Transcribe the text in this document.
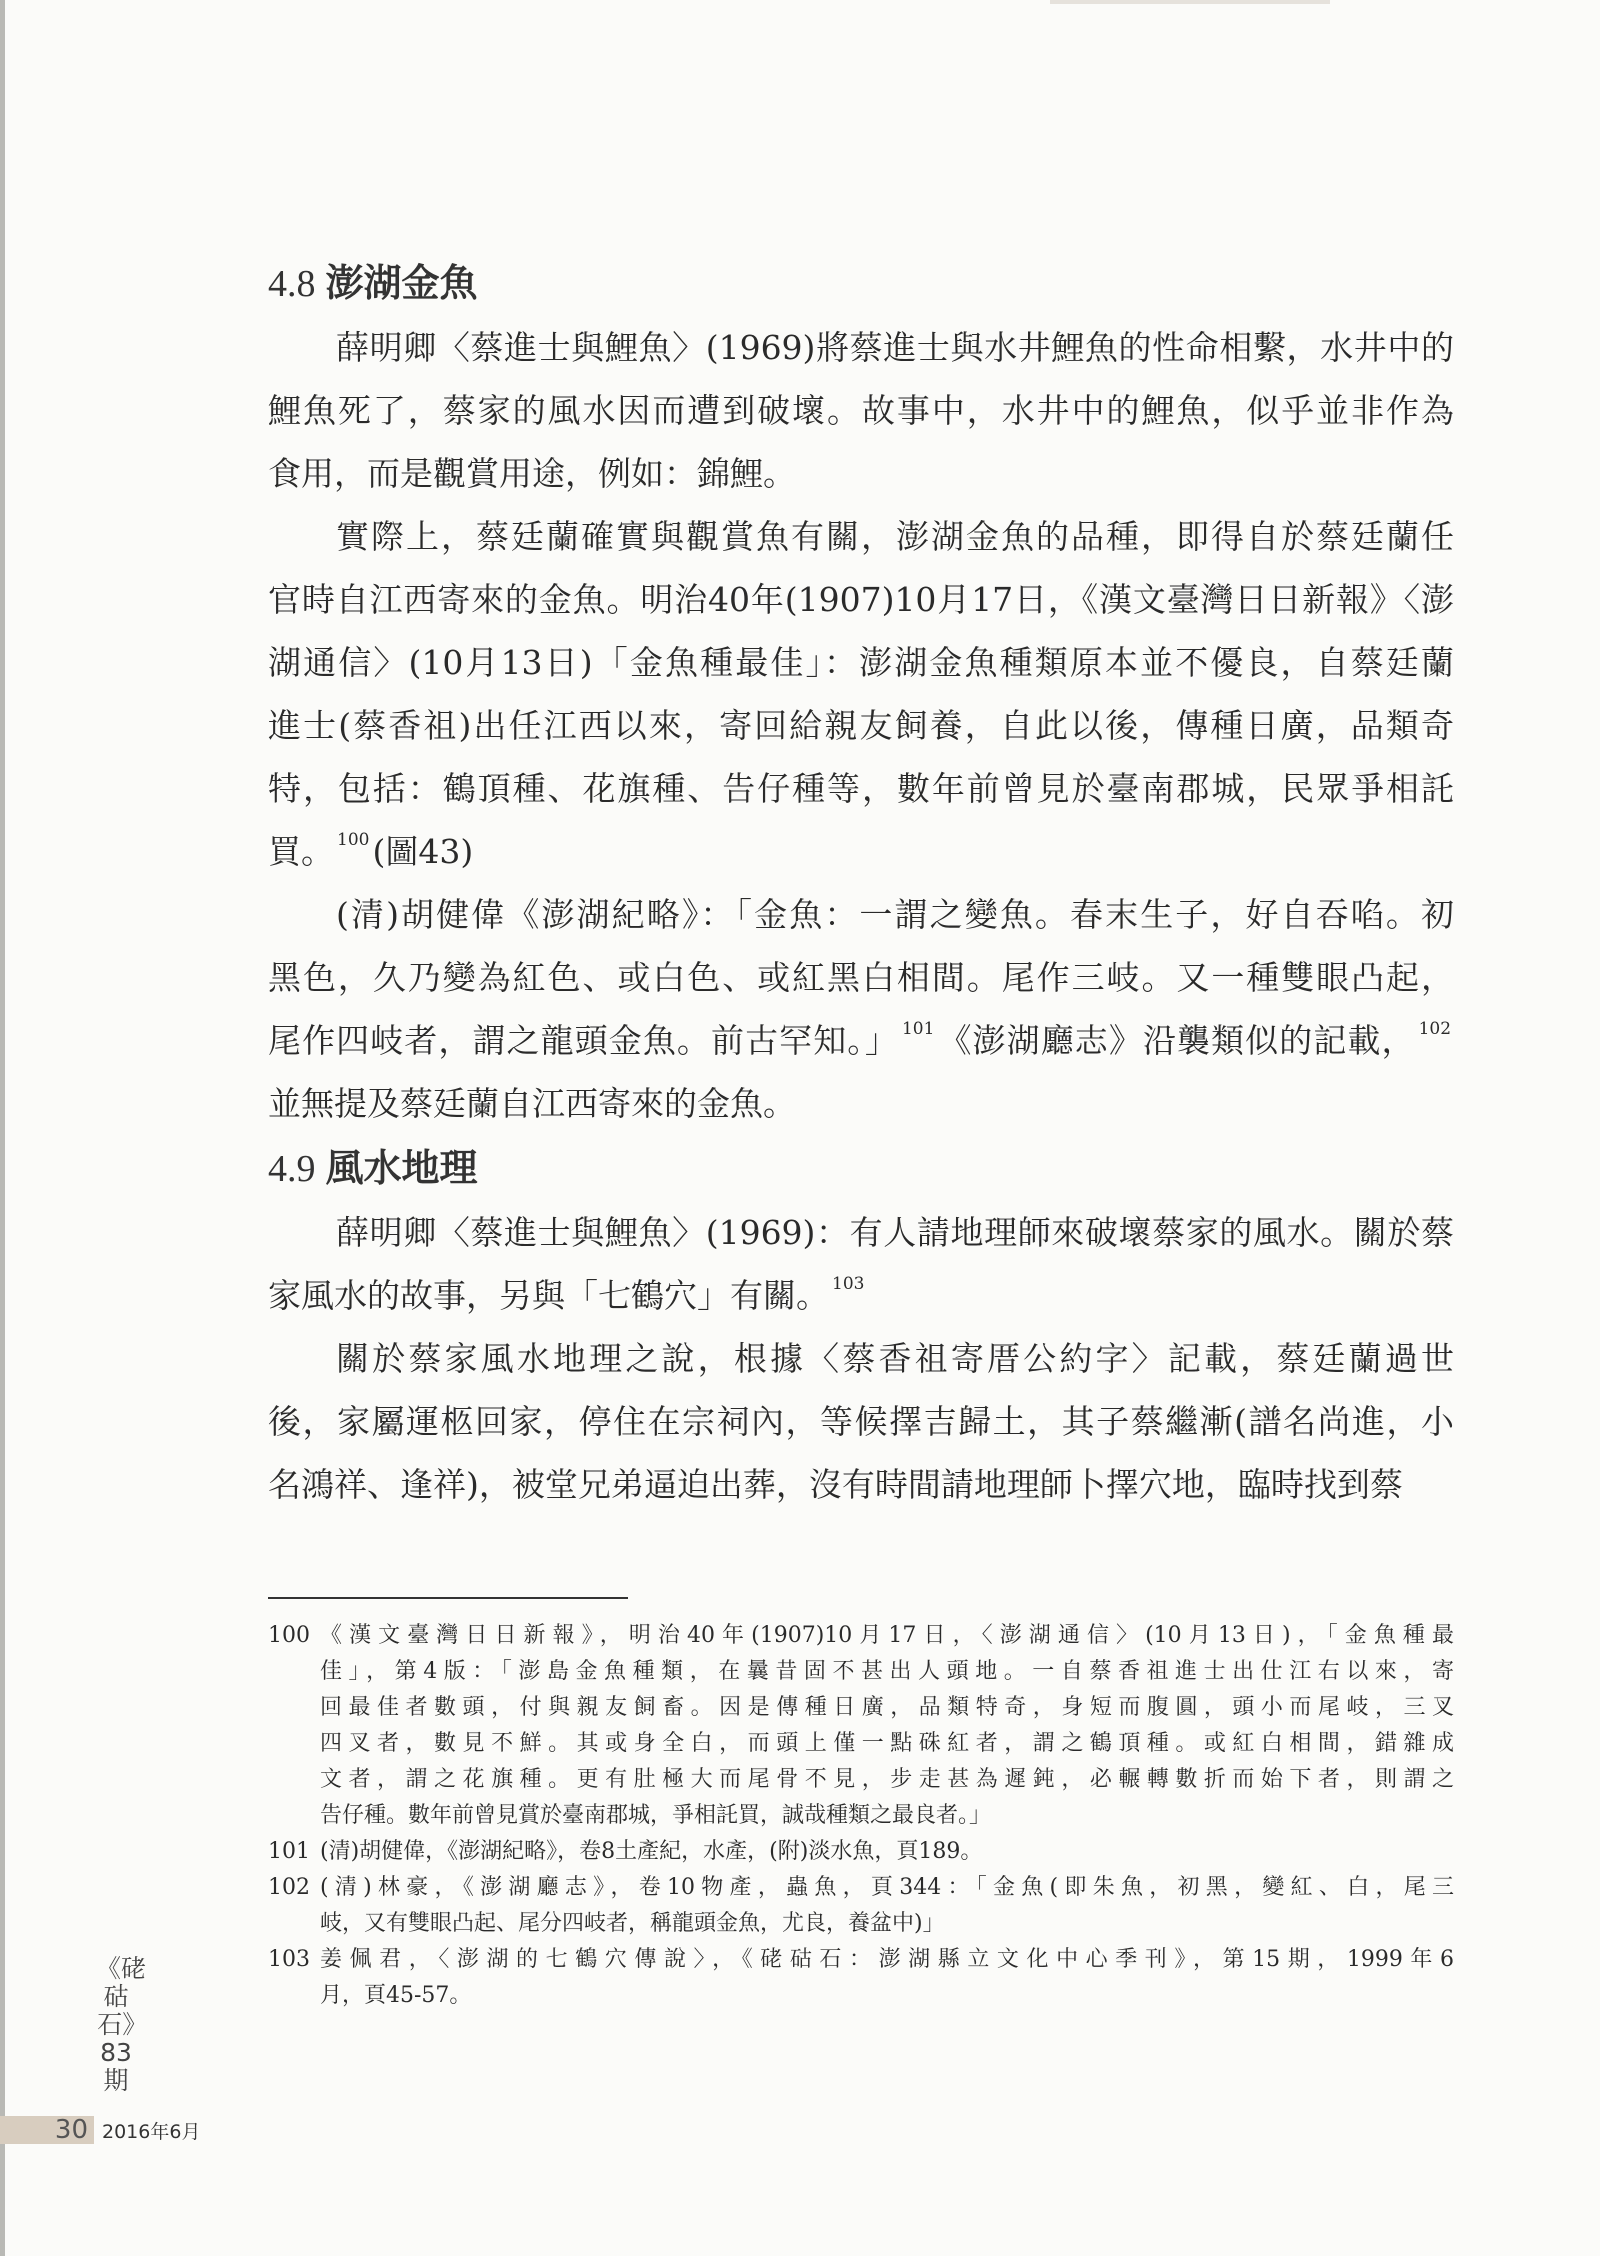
4.8 澎湖金魚
薛明卿〈蔡進士與鯉魚〉(1969)將蔡進士與水井鯉魚的性命相繫，水井中的
鯉魚死了，蔡家的風水因而遭到破壞。故事中，水井中的鯉魚，似乎並非作為
食用，而是觀賞用途，例如：錦鯉。
實際上，蔡廷蘭確實與觀賞魚有關，澎湖金魚的品種，即得自於蔡廷蘭任
官時自江西寄來的金魚。明治40年(1907)10月17日，《漢文臺灣日日新報》〈澎
湖通信〉(10月13日)「金魚種最佳」：澎湖金魚種類原本並不優良，自蔡廷蘭
進士(蔡香祖)出任江西以來，寄回給親友飼養，自此以後，傳種日廣，品類奇
特，包括：鶴頂種、花旗種、告仔種等，數年前曾見於臺南郡城，民眾爭相託
買。 $^{100}$(圖43)
(清)胡健偉《澎湖紀略》：「金魚：一謂之變魚。春末生子，好自吞啗。初
黑色，久乃變為紅色、或白色、或紅黑白相間。尾作三岐。又一種雙眼凸起，
尾作四岐者，謂之龍頭金魚。前古罕知。」 $^{101}$《澎湖廳志》沿襲類似的記載， $^{102}$
並無提及蔡廷蘭自江西寄來的金魚。
4.9 風水地理
薛明卿〈蔡進士與鯉魚〉(1969)：有人請地理師來破壞蔡家的風水。關於蔡
家風水的故事，另與「七鶴穴」有關。 $^{103}$
關於蔡家風水地理之說，根據〈蔡香祖寄厝公約字〉記載，蔡廷蘭過世
後，家屬運柩回家，停住在宗祠內，等候擇吉歸土，其子蔡繼漸(譜名尚進，小
名鴻祥、逢祥)，被堂兄弟逼迫出葬，沒有時間請地理師卜擇穴地，臨時找到蔡
100 《漢文臺灣日日新報》，明治40年(1907)10月17日，〈澎湖通信〉(10月13日)，「金魚種最
佳」，第4版：「澎島金魚種類，在曩昔固不甚出人頭地。一自蔡香祖進士出仕江右以來，寄
回最佳者數頭，付與親友飼畜。因是傳種日廣，品類特奇，身短而腹圓，頭小而尾岐，三叉
四叉者，數見不鮮。其或身全白，而頭上僅一點硃紅者，謂之鶴頂種。或紅白相間，錯雜成
文者，謂之花旗種。更有肚極大而尾骨不見，步走甚為遲鈍，必輾轉數折而始下者，則謂之
告仔種。數年前曾見賞於臺南郡城，爭相託買，誠哉種類之最良者。」
101 (清)胡健偉，《澎湖紀略》，卷8土產紀，水產，(附)淡水魚，頁189。
102 (清)林豪，《澎湖廳志》，卷10物產，蟲魚，頁344：「金魚(即朱魚，初黑，變紅、白，尾三
岐，又有雙眼凸起、尾分四岐者，稱龍頭金魚，尤良，養盆中)」
103 姜佩君，〈澎湖的七鶴穴傳說〉，《硓𥑮石：澎湖縣立文化中心季刊》，第15期，1999年6
月，頁45-57。
《硓𥑮石》83期
30 2016年6月
